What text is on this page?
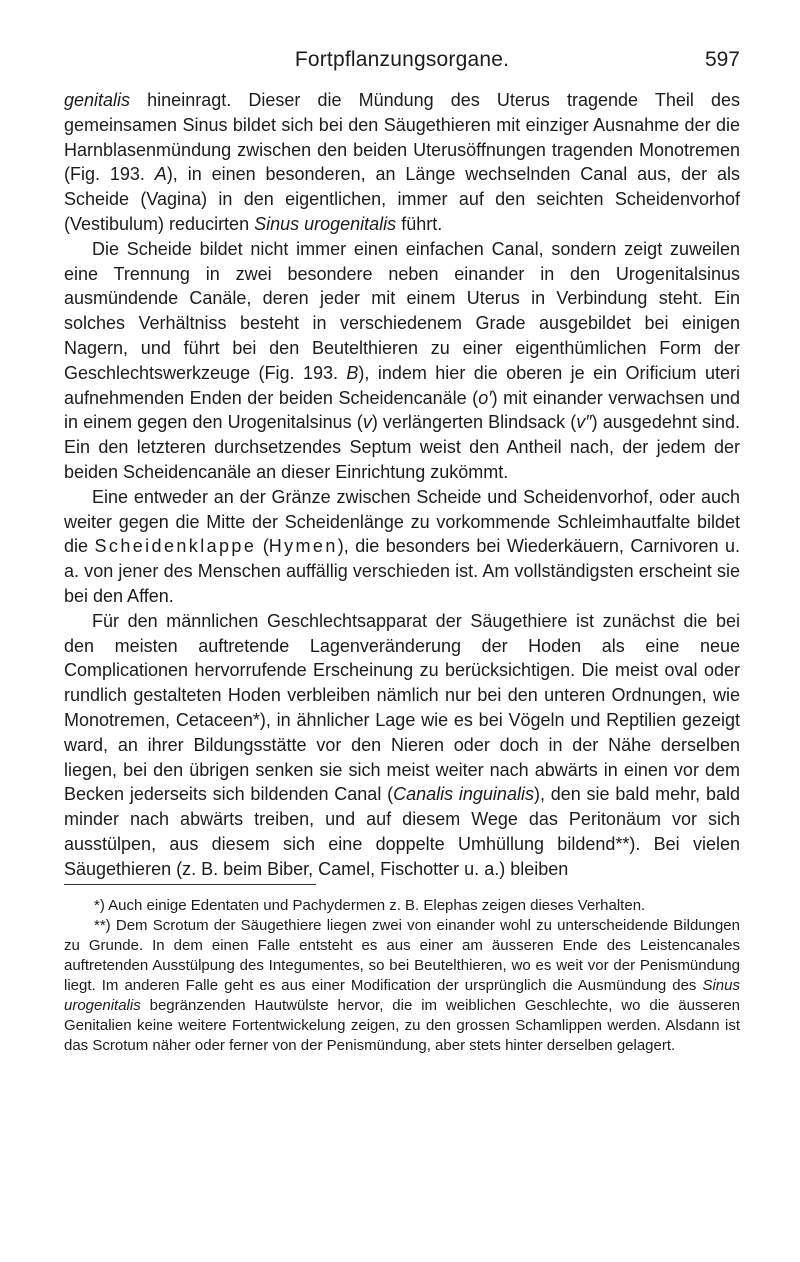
Fortpflanzungsorgane.	597

genitalis hineinragt. Dieser die Mündung des Uterus tragende Theil des gemeinsamen Sinus bildet sich bei den Säugethieren mit einziger Ausnahme der die Harnblasenmündung zwischen den beiden Uterusöffnungen tragenden Monotremen (Fig. 193. A), in einen besonderen, an Länge wechselnden Canal aus, der als Scheide (Vagina) in den eigentlichen, immer auf den seichten Scheidenvorhof (Vestibulum) reducirten Sinus urogenitalis führt.

Die Scheide bildet nicht immer einen einfachen Canal, sondern zeigt zuweilen eine Trennung in zwei besondere neben einander in den Urogenitalsinus ausmündende Canäle, deren jeder mit einem Uterus in Verbindung steht. Ein solches Verhältniss besteht in verschiedenem Grade ausgebildet bei einigen Nagern, und führt bei den Beutelthieren zu einer eigenthümlichen Form der Geschlechtswerkzeuge (Fig. 193. B), indem hier die oberen je ein Orificium uteri aufnehmenden Enden der beiden Scheidencanäle (o′) mit einander verwachsen und in einem gegen den Urogenitalsinus (v) verlängerten Blindsack (v″) ausgedehnt sind. Ein den letzteren durchsetzendes Septum weist den Antheil nach, der jedem der beiden Scheidencanäle an dieser Einrichtung zukömmt.

Eine entweder an der Gränze zwischen Scheide und Scheidenvorhof, oder auch weiter gegen die Mitte der Scheidenlänge zu vorkommende Schleimhautfalte bildet die Scheidenklappe (Hymen), die besonders bei Wiederkäuern, Carnivoren u. a. von jener des Menschen auffällig verschieden ist. Am vollständigsten erscheint sie bei den Affen.

Für den männlichen Geschlechtsapparat der Säugethiere ist zunächst die bei den meisten auftretende Lagenveränderung der Hoden als eine neue Complicationen hervorrufende Erscheinung zu berücksichtigen. Die meist oval oder rundlich gestalteten Hoden verbleiben nämlich nur bei den unteren Ordnungen, wie Monotremen, Cetaceen*), in ähnlicher Lage wie es bei Vögeln und Reptilien gezeigt ward, an ihrer Bildungsstätte vor den Nieren oder doch in der Nähe derselben liegen, bei den übrigen senken sie sich meist weiter nach abwärts in einen vor dem Becken jederseits sich bildenden Canal (Canalis inguinalis), den sie bald mehr, bald minder nach abwärts treiben, und auf diesem Wege das Peritonäum vor sich ausstülpen, aus diesem sich eine doppelte Umhüllung bildend**). Bei vielen Säugethieren (z. B. beim Biber, Camel, Fischotter u. a.) bleiben

*) Auch einige Edentaten und Pachydermen z. B. Elephas zeigen dieses Verhalten.

**) Dem Scrotum der Säugethiere liegen zwei von einander wohl zu unterscheidende Bildungen zu Grunde. In dem einen Falle entsteht es aus einer am äusseren Ende des Leistencanales auftretenden Ausstülpung des Integumentes, so bei Beutelthieren, wo es weit vor der Penismündung liegt. Im anderen Falle geht es aus einer Modification der ursprünglich die Ausmündung des Sinus urogenitalis begränzenden Hautwülste hervor, die im weiblichen Geschlechte, wo die äusseren Genitalien keine weitere Fortentwickelung zeigen, zu den grossen Schamlippen werden. Alsdann ist das Scrotum näher oder ferner von der Penismündung, aber stets hinter derselben gelagert.
